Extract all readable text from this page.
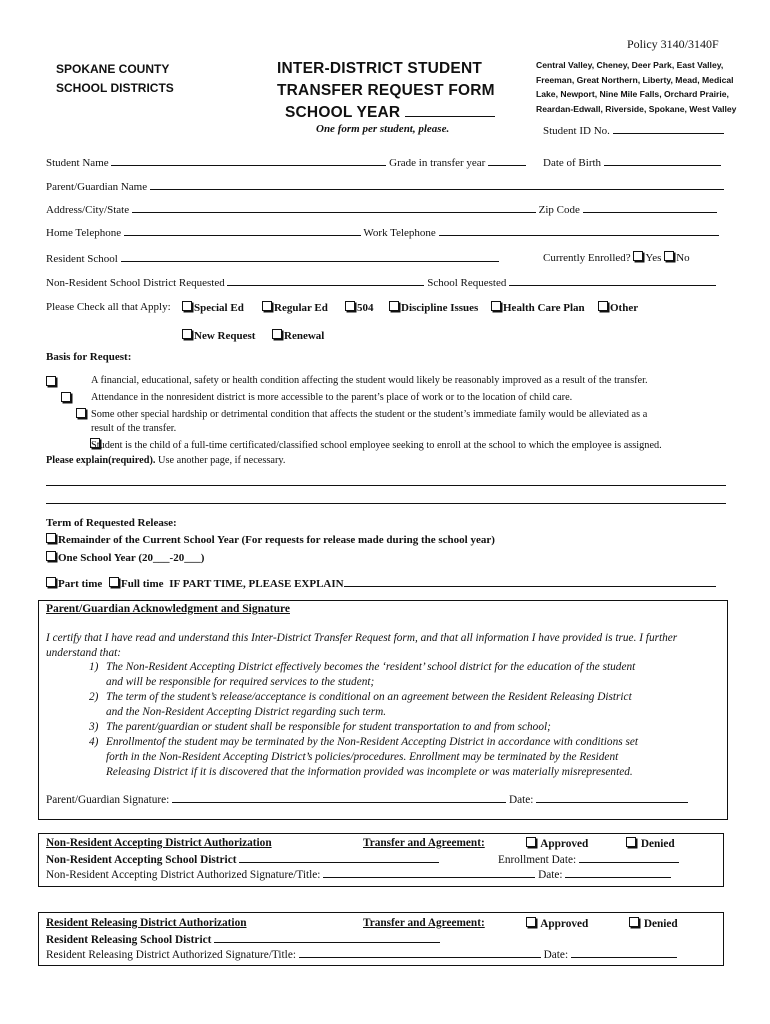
Policy 3140/3140F
SPOKANE COUNTY
SCHOOL DISTRICTS
INTER-DISTRICT STUDENT
TRANSFER REQUEST FORM
SCHOOL YEAR
One form per student, please.
Central Valley, Cheney, Deer Park, East Valley,
Freeman, Great Northern, Liberty, Mead, Medical
Lake, Newport, Nine Mile Falls, Orchard Prairie,
Reardan-Edwall, Riverside, Spokane, West Valley
Student ID No.
Student Name	Grade in transfer year	Date of Birth
Parent/Guardian Name
Address/City/State	Zip Code
Home Telephone	Work Telephone
Resident School	Currently Enrolled? Yes No
Non-Resident School District Requested	School Requested
Please Check all that Apply:	Special Ed	Regular Ed	504	Discipline Issues	Health Care Plan	Other
New Request	Renewal
Basis for Request:

A financial, educational, safety or health condition affecting the student would likely be reasonably improved as a result of the transfer.

Attendance in the nonresident district is more accessible to the parent’s place of work or to the location of child care.

Some other special hardship or detrimental condition that affects the student or the student’s immediate family would be alleviated as a
result of the transfer.
Student is the child of a full-time certificated/classified school employee seeking to enroll at the school to which the employee is assigned.
Please explain(required). Use another page, if necessary.
Term of Requested Release:
Remainder of the Current School Year (For requests for release made during the school year)
One School Year (20___-20___)
Part time Full time IF PART TIME, PLEASE EXPLAIN
Parent/Guardian Acknowledgment and Signature
I certify that I have read and understand this Inter-District Transfer Request form, and that all information I have provided is true. I further understand that:
1) The Non-Resident Accepting District effectively becomes the ‘resident’ school district for the education of the student
and will be responsible for required services to the student;
2) The term of the student’s release/acceptance is conditional on an agreement between the Resident Releasing District
and the Non-Resident Accepting District regarding such term.
3) The parent/guardian or student shall be responsible for student transportation to and from school;
4) Enrollmentof the student may be terminated by the Non-Resident Accepting District in accordance with conditions set
forth in the Non-Resident Accepting District’s policies/procedures. Enrollment may be terminated by the Resident
Releasing District if it is discovered that the information provided was incomplete or was materially misrepresented.
Parent/Guardian Signature:	Date:
Non-Resident Accepting District Authorization	Transfer and Agreement:	Approved	Denied
Non-Resident Accepting School District	Enrollment Date:
Non-Resident Accepting District Authorized Signature/Title:	Date:
Resident Releasing District Authorization	Transfer and Agreement:	Approved	Denied
Resident Releasing School District
Resident Releasing District Authorized Signature/Title:	Date:
